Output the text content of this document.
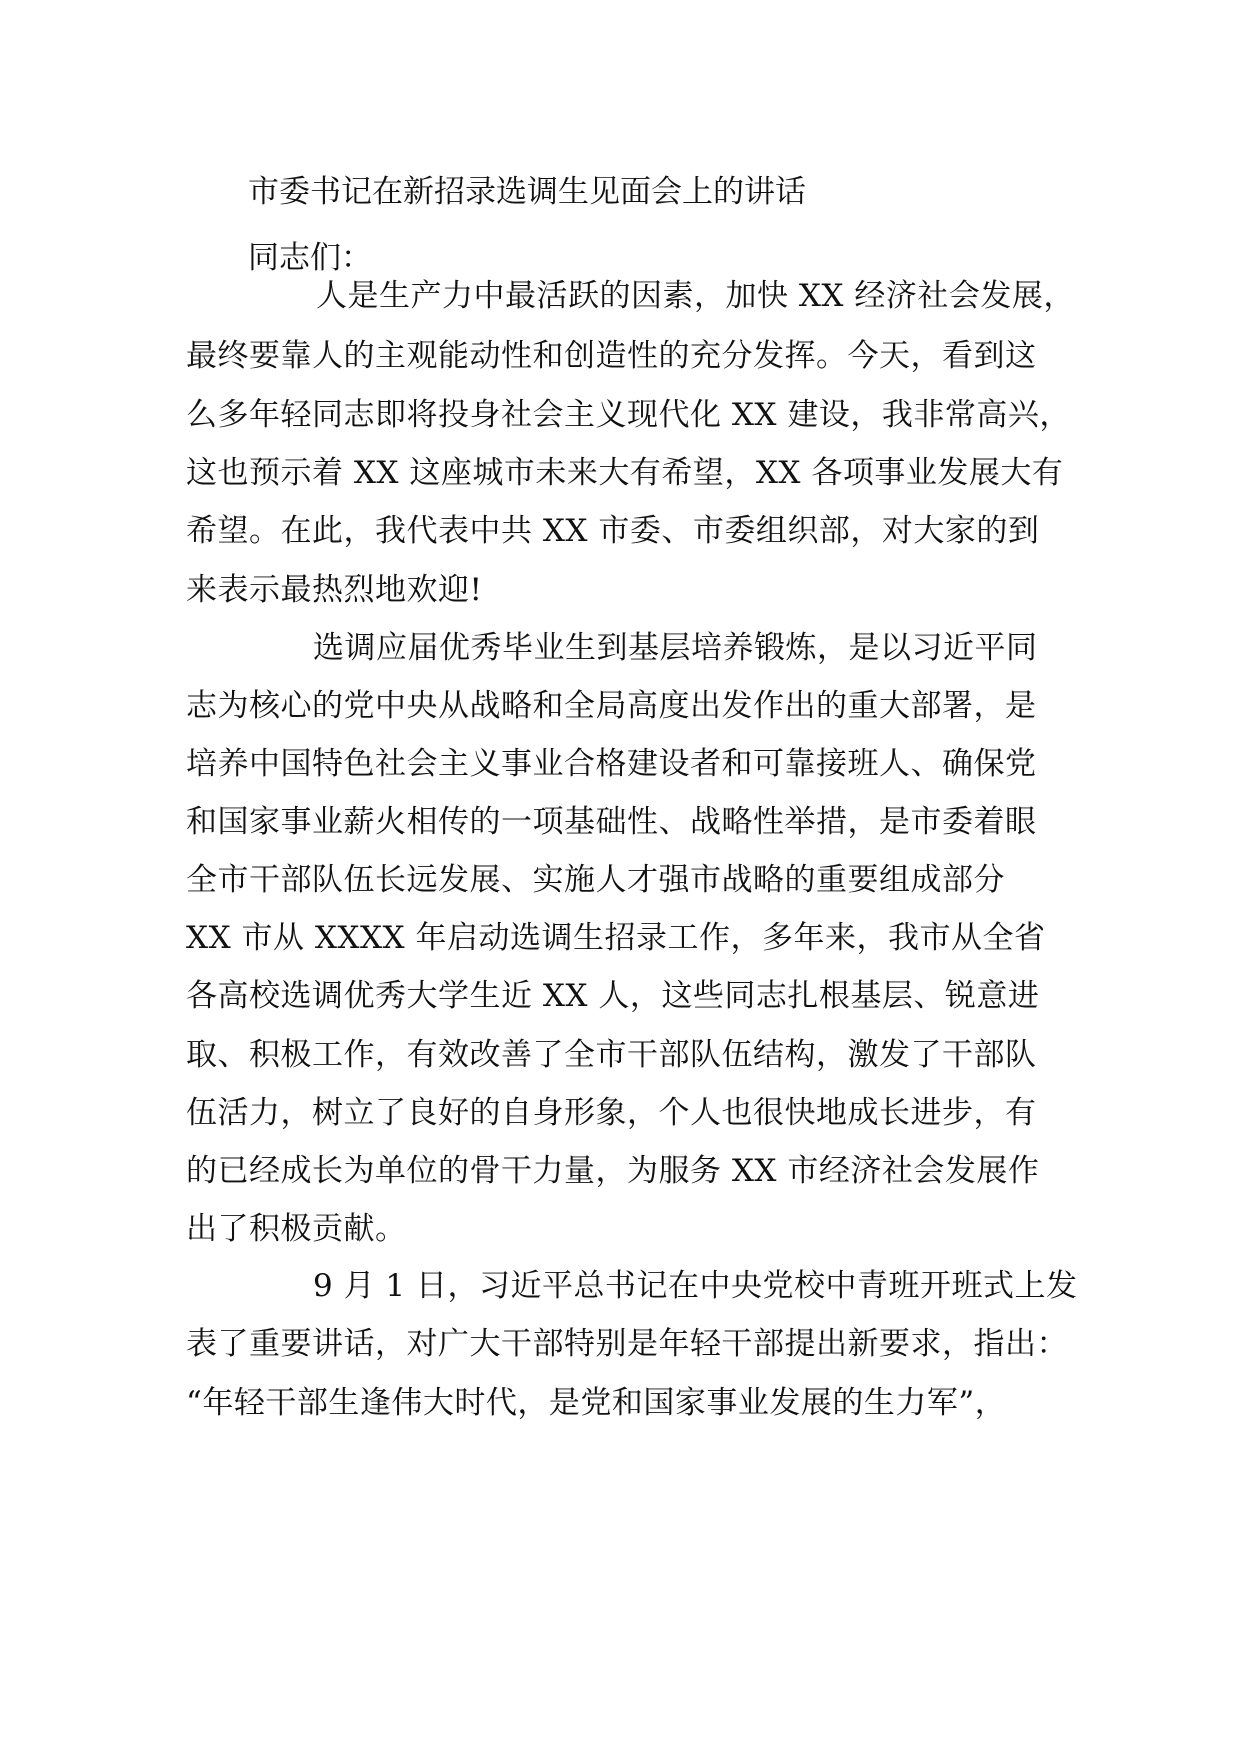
市委书记在新招录选调生见面会上的讲话
同志们：
人是生产力中最活跃的因素，加快 XX 经济社会发展，
最终要靠人的主观能动性和创造性的充分发挥。今天，看到这
么多年轻同志即将投身社会主义现代化 XX 建设，我非常高兴，
这也预示着 XX 这座城市未来大有希望，XX 各项事业发展大有
希望。在此，我代表中共 XX 市委、市委组织部，对大家的到
来表示最热烈地欢迎!
选调应届优秀毕业生到基层培养锻炼，是以习近平同
志为核心的党中央从战略和全局高度出发作出的重大部署，是
培养中国特色社会主义事业合格建设者和可靠接班人、确保党
和国家事业薪火相传的一项基础性、战略性举措，是市委着眼
全市干部队伍长远发展、实施人才强市战略的重要组成部分
XX 市从 XXXX 年启动选调生招录工作，多年来，我市从全省
各高校选调优秀大学生近 XX 人，这些同志扎根基层、锐意进
取、积极工作，有效改善了全市干部队伍结构，激发了干部队
伍活力，树立了良好的自身形象，个人也很快地成长进步，有
的已经成长为单位的骨干力量，为服务 XX 市经济社会发展作
出了积极贡献。
9 月 1 日，习近平总书记在中央党校中青班开班式上发
表了重要讲话，对广大干部特别是年轻干部提出新要求，指出：
“年轻干部生逢伟大时代，是党和国家事业发展的生力军”，
